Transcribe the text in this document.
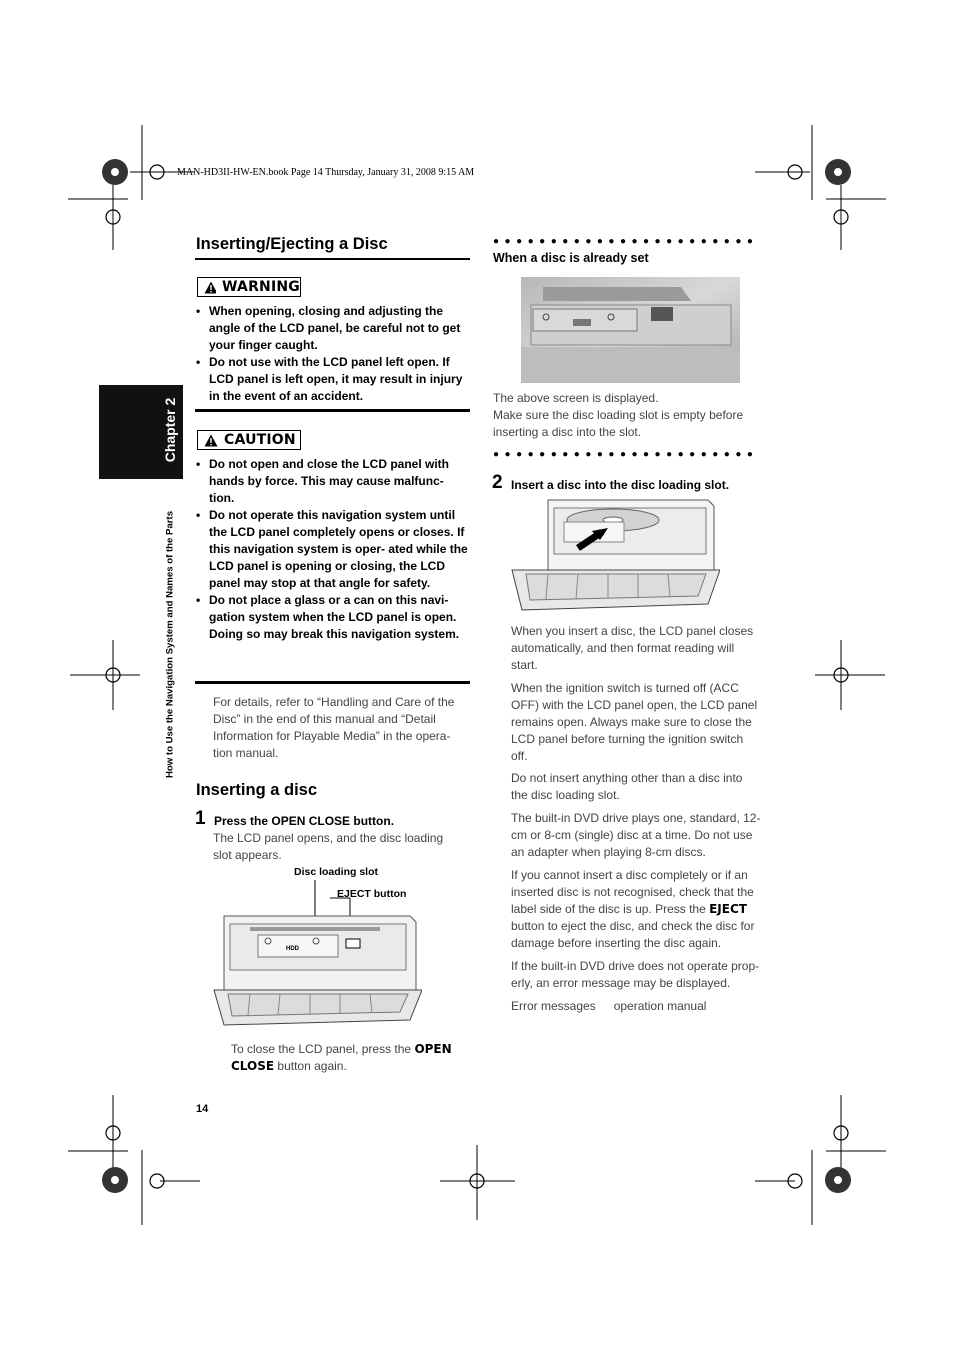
MAN-HD3II-HW-EN.book Page 14 Thursday, January 31, 2008 9:15 AM
Chapter 2
How to Use the Navigation System and Names of the Parts
Inserting/Ejecting a Disc
WARNING
• When opening, closing and adjusting the angle of the LCD panel, be careful not to get your finger caught.
• Do not use with the LCD panel left open. If LCD panel is left open, it may result in injury in the event of an accident.
CAUTION
• Do not open and close the LCD panel with hands by force. This may cause malfunc- tion.
• Do not operate this navigation system until the LCD panel completely opens or closes. If this navigation system is oper- ated while the LCD panel is opening or closing, the LCD panel may stop at that angle for safety.
• Do not place a glass or a can on this navi- gation system when the LCD panel is open. Doing so may break this navigation system.
For details, refer to “Handling and Care of the
Disc” in the end of this manual and “Detail
Information for Playable Media” in the opera-
tion manual.
Inserting a disc
1 Press the OPEN CLOSE button.
The LCD panel opens, and the disc loading
slot appears.
Disc loading slot
EJECT button
HDD
To close the LCD panel, press the OPEN
CLOSE button again.
14
●●●●●●●●●●●●●●●●●●●●●●●
When a disc is already set
The above screen is displayed.
Make sure the disc loading slot is empty before
inserting a disc into the slot.
●●●●●●●●●●●●●●●●●●●●●●●
2 Insert a disc into the disc loading slot.
When you insert a disc, the LCD panel closes
automatically, and then format reading will
start.
When the ignition switch is turned off (ACC
OFF) with the LCD panel open, the LCD panel
remains open. Always make sure to close the
LCD panel before turning the ignition switch
off.
Do not insert anything other than a disc into
the disc loading slot.
The built-in DVD drive plays one, standard, 12-
cm or 8-cm (single) disc at a time. Do not use
an adapter when playing 8-cm discs.
If you cannot insert a disc completely or if an
inserted disc is not recognised, check that the
label side of the disc is up. Press the EJECT
button to eject the disc, and check the disc for
damage before inserting the disc again.
If the built-in DVD drive does not operate prop-
erly, an error message may be displayed.
Error messages operation manual
